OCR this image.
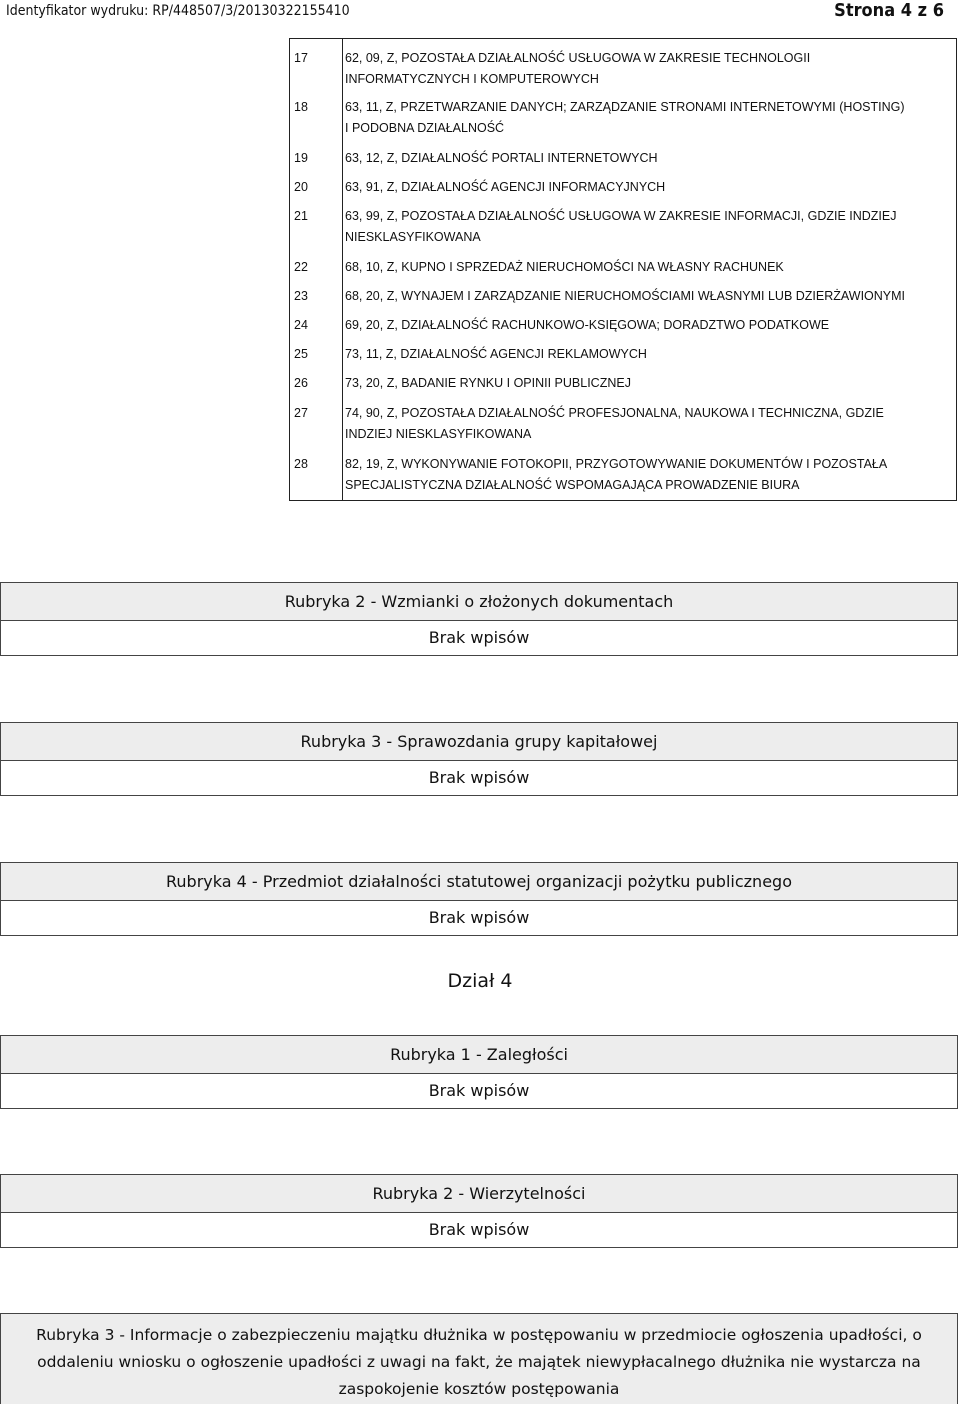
Identyfikator wydruku: RP/448507/3/20130322155410	Strona 4 z 6
17	62, 09, Z, POZOSTAŁA DZIAŁALNOŚĆ USŁUGOWA W ZAKRESIE TECHNOLOGII
INFORMATYCZNYCH I KOMPUTEROWYCH

18	63, 11, Z, PRZETWARZANIE DANYCH; ZARZĄDZANIE STRONAMI INTERNETOWYMI (HOSTING)
I PODOBNA DZIAŁALNOŚĆ

19	63, 12, Z, DZIAŁALNOŚĆ PORTALI INTERNETOWYCH

20	63, 91, Z, DZIAŁALNOŚĆ AGENCJI INFORMACYJNYCH

21	63, 99, Z, POZOSTAŁA DZIAŁALNOŚĆ USŁUGOWA W ZAKRESIE INFORMACJI, GDZIE INDZIEJ
NIESKLASYFIKOWANA

22	68, 10, Z, KUPNO I SPRZEDAŻ NIERUCHOMOŚCI NA WŁASNY RACHUNEK

23	68, 20, Z, WYNAJEM I ZARZĄDZANIE NIERUCHOMOŚCIAMI WŁASNYMI LUB DZIERŻAWIONYMI

24	69, 20, Z, DZIAŁALNOŚĆ RACHUNKOWO-KSIĘGOWA; DORADZTWO PODATKOWE

25	73, 11, Z, DZIAŁALNOŚĆ AGENCJI REKLAMOWYCH

26	73, 20, Z, BADANIE RYNKU I OPINII PUBLICZNEJ

27	74, 90, Z, POZOSTAŁA DZIAŁALNOŚĆ PROFESJONALNA, NAUKOWA I TECHNICZNA, GDZIE
INDZIEJ NIESKLASYFIKOWANA

28	82, 19, Z, WYKONYWANIE FOTOKOPII, PRZYGOTOWYWANIE DOKUMENTÓW I POZOSTAŁA
SPECJALISTYCZNA DZIAŁALNOŚĆ WSPOMAGAJĄCA PROWADZENIE BIURA
Rubryka 2 - Wzmianki o złożonych dokumentach
Brak wpisów
Rubryka 3 - Sprawozdania grupy kapitałowej
Brak wpisów
Rubryka 4 - Przedmiot działalności statutowej organizacji pożytku publicznego
Brak wpisów
Dział 4
Rubryka 1 - Zaległości
Brak wpisów
Rubryka 2 - Wierzytelności
Brak wpisów
Rubryka 3 - Informacje o zabezpieczeniu majątku dłużnika w postępowaniu w przedmiocie ogłoszenia upadłości, o
oddaleniu wniosku o ogłoszenie upadłości z uwagi na fakt, że majątek niewypłacalnego dłużnika nie wystarcza na
zaspokojenie kosztów postępowania
